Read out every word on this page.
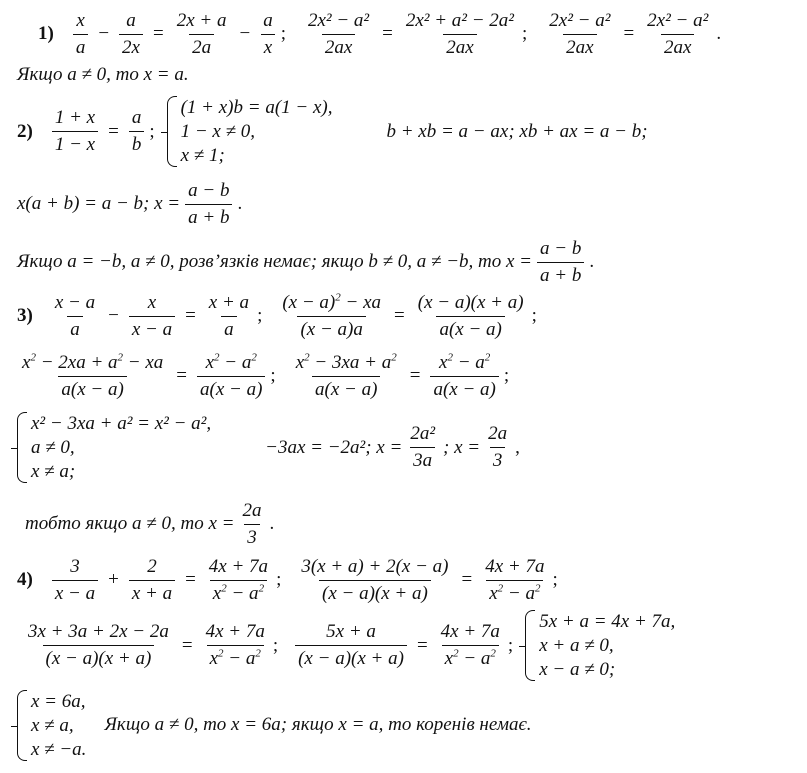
$1) \frac{x}{a} - \frac{a}{2x} = \frac{2x + a}{2a} - \frac{a}{x}$ ; $\frac{\text{2x² − a²}}{2ax} = \frac{\text{2x² + a² − 2a²}}{2ax}$ ; $\frac{\text{2x² − a²}}{2ax} = \frac{\text{2x² − a²}}{2ax}$ .
Якщо a ≠ 0, то x = a.
$2) \frac{1 + x}{1 - x} = \frac{a}{b}$ ;
(1 + x)b = a(1 − x),
1 − x ≠ 0,
x ≠ 1;
b + xb = a − ax; xb + ax = a − b;
x(a + b) = a − b; $x = \frac{a - b}{a + b}$ .
Якщо a = −b, a ≠ 0, розв’язків немає; якщо b ≠ 0, a ≠ −b, то $x = \frac{a - b}{a + b}$ .
$3) \frac{x - a}{a} - \frac{x}{x - a} = \frac{x + a}{a}$ ; $\frac{(x - a)^2 - xa}{(x - a)a} = \frac{(x - a)(x + a)}{a(x - a)}$ ;
$\frac{x^2 - 2xa + a^2 - xa}{a(x - a)} = \frac{x^2 - a^2}{a(x - a)}$ ; $\frac{x^2 - 3xa + a^2}{a(x - a)} = \frac{x^2 - a^2}{a(x - a)}$ ;
x² − 3xa + a² = x² − a²,
a ≠ 0,
x ≠ a;
−3ax = −2a²; $x = \frac{\text{2a²}}{3a}$ ; $x = \frac{2a}{3}$ ,
тобто якщо a ≠ 0, то $x = \frac{2a}{3}$ .
$4) \frac{3}{x - a} + \frac{2}{x + a} = \frac{4x + 7a}{x^2 - a^2}$ ; $\frac{3(x + a) + 2(x - a)}{(x - a)(x + a)} = \frac{4x + 7a}{x^2 - a^2}$ ;
$\frac{3x + 3a + 2x - 2a}{(x - a)(x + a)} = \frac{4x + 7a}{x^2 - a^2}$ ; $\frac{5x + a}{(x - a)(x + a)} = \frac{4x + 7a}{x^2 - a^2}$ ;
5x + a = 4x + 7a,
x + a ≠ 0,
x − a ≠ 0;
x = 6a,
x ≠ a,
x ≠ −a.
Якщо a ≠ 0, то x = 6a; якщо x = a, то коренів немає.
